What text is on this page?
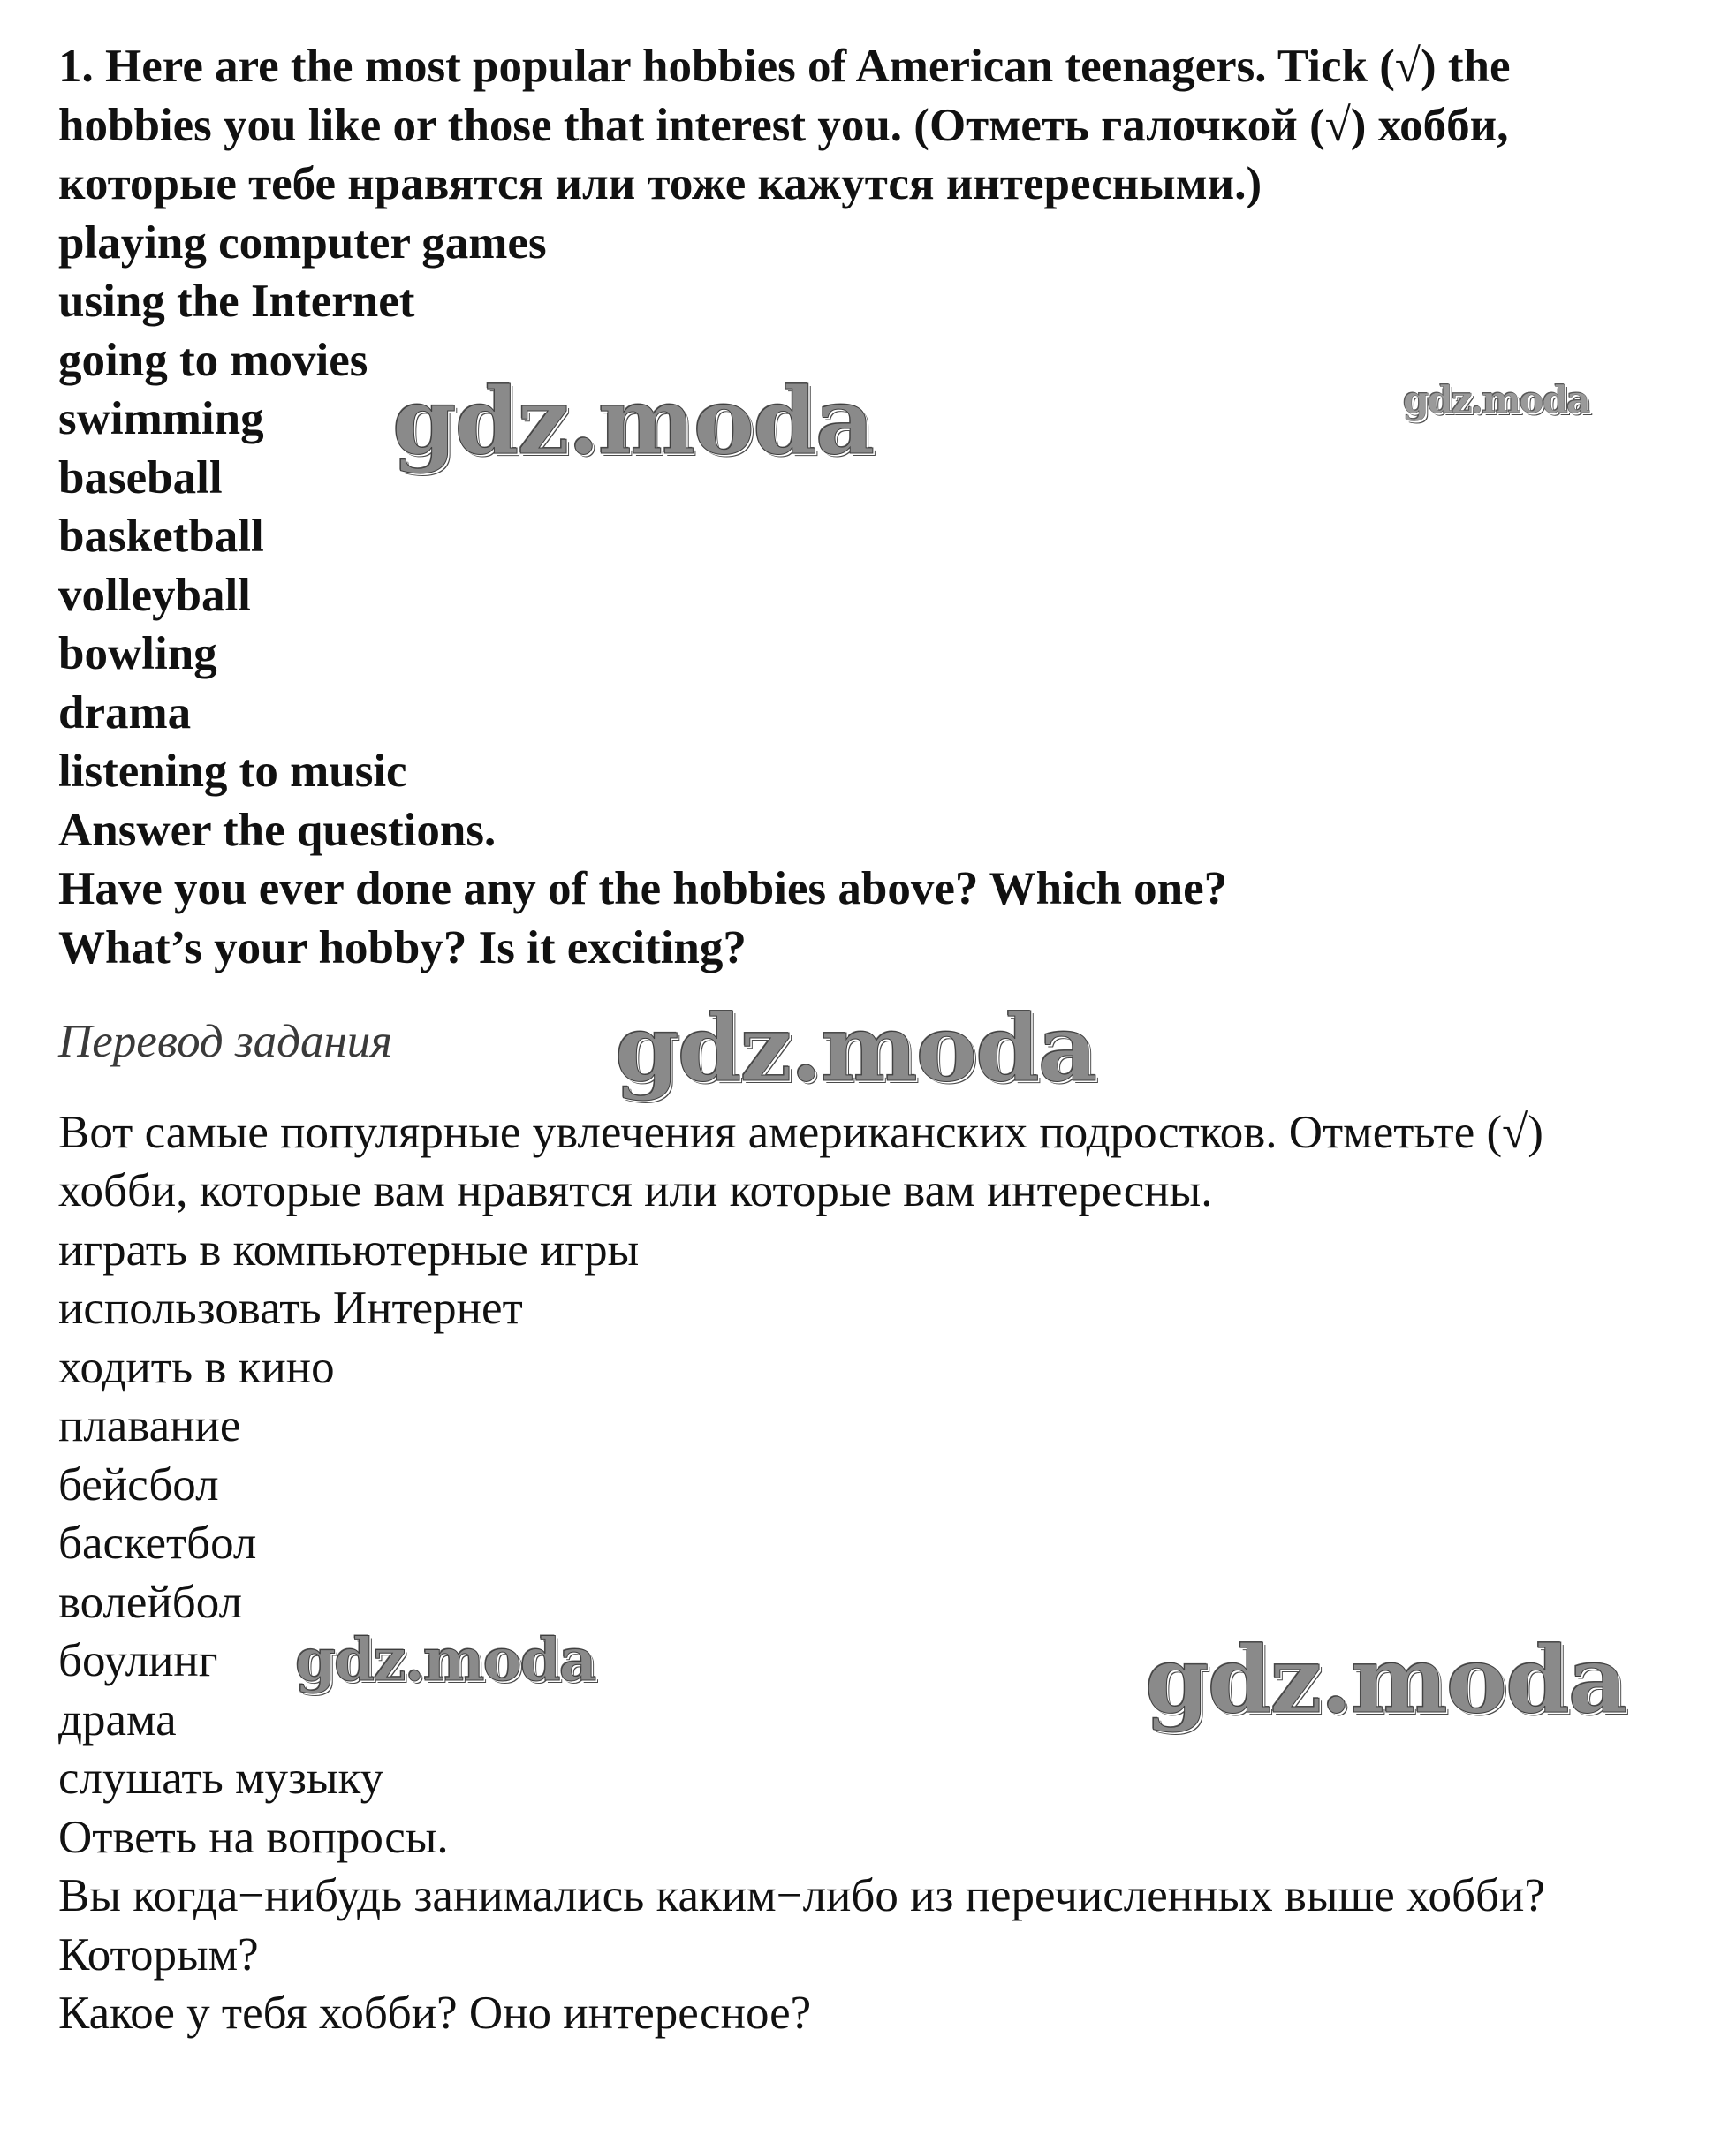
1. Here are the most popular hobbies of American teenagers. Tick (√) the
hobbies you like or those that interest you. (Отметь галочкой (√) хобби,
которые тебе нравятся или тоже кажутся интересными.)
playing computer games
using the Internet
going to movies
swimming
baseball
basketball
volleyball
bowling
drama
listening to music
Answer the questions.
Have you ever done any of the hobbies above? Which one?
What’s your hobby? Is it exciting?
Перевод задания
Вот самые популярные увлечения американских подростков. Отметьте (√)
хобби, которые вам нравятся или которые вам интересны.
играть в компьютерные игры
использовать Интернет
ходить в кино
плавание
бейсбол
баскетбол
волейбол
боулинг
драма
слушать музыку
Ответь на вопросы.
Вы когда−нибудь занимались каким−либо из перечисленных выше хобби?
Которым?
Какое у тебя хобби? Оно интересное?
gdz.moda	gdz.moda
gdz.moda
gdz.moda	gdz.moda
